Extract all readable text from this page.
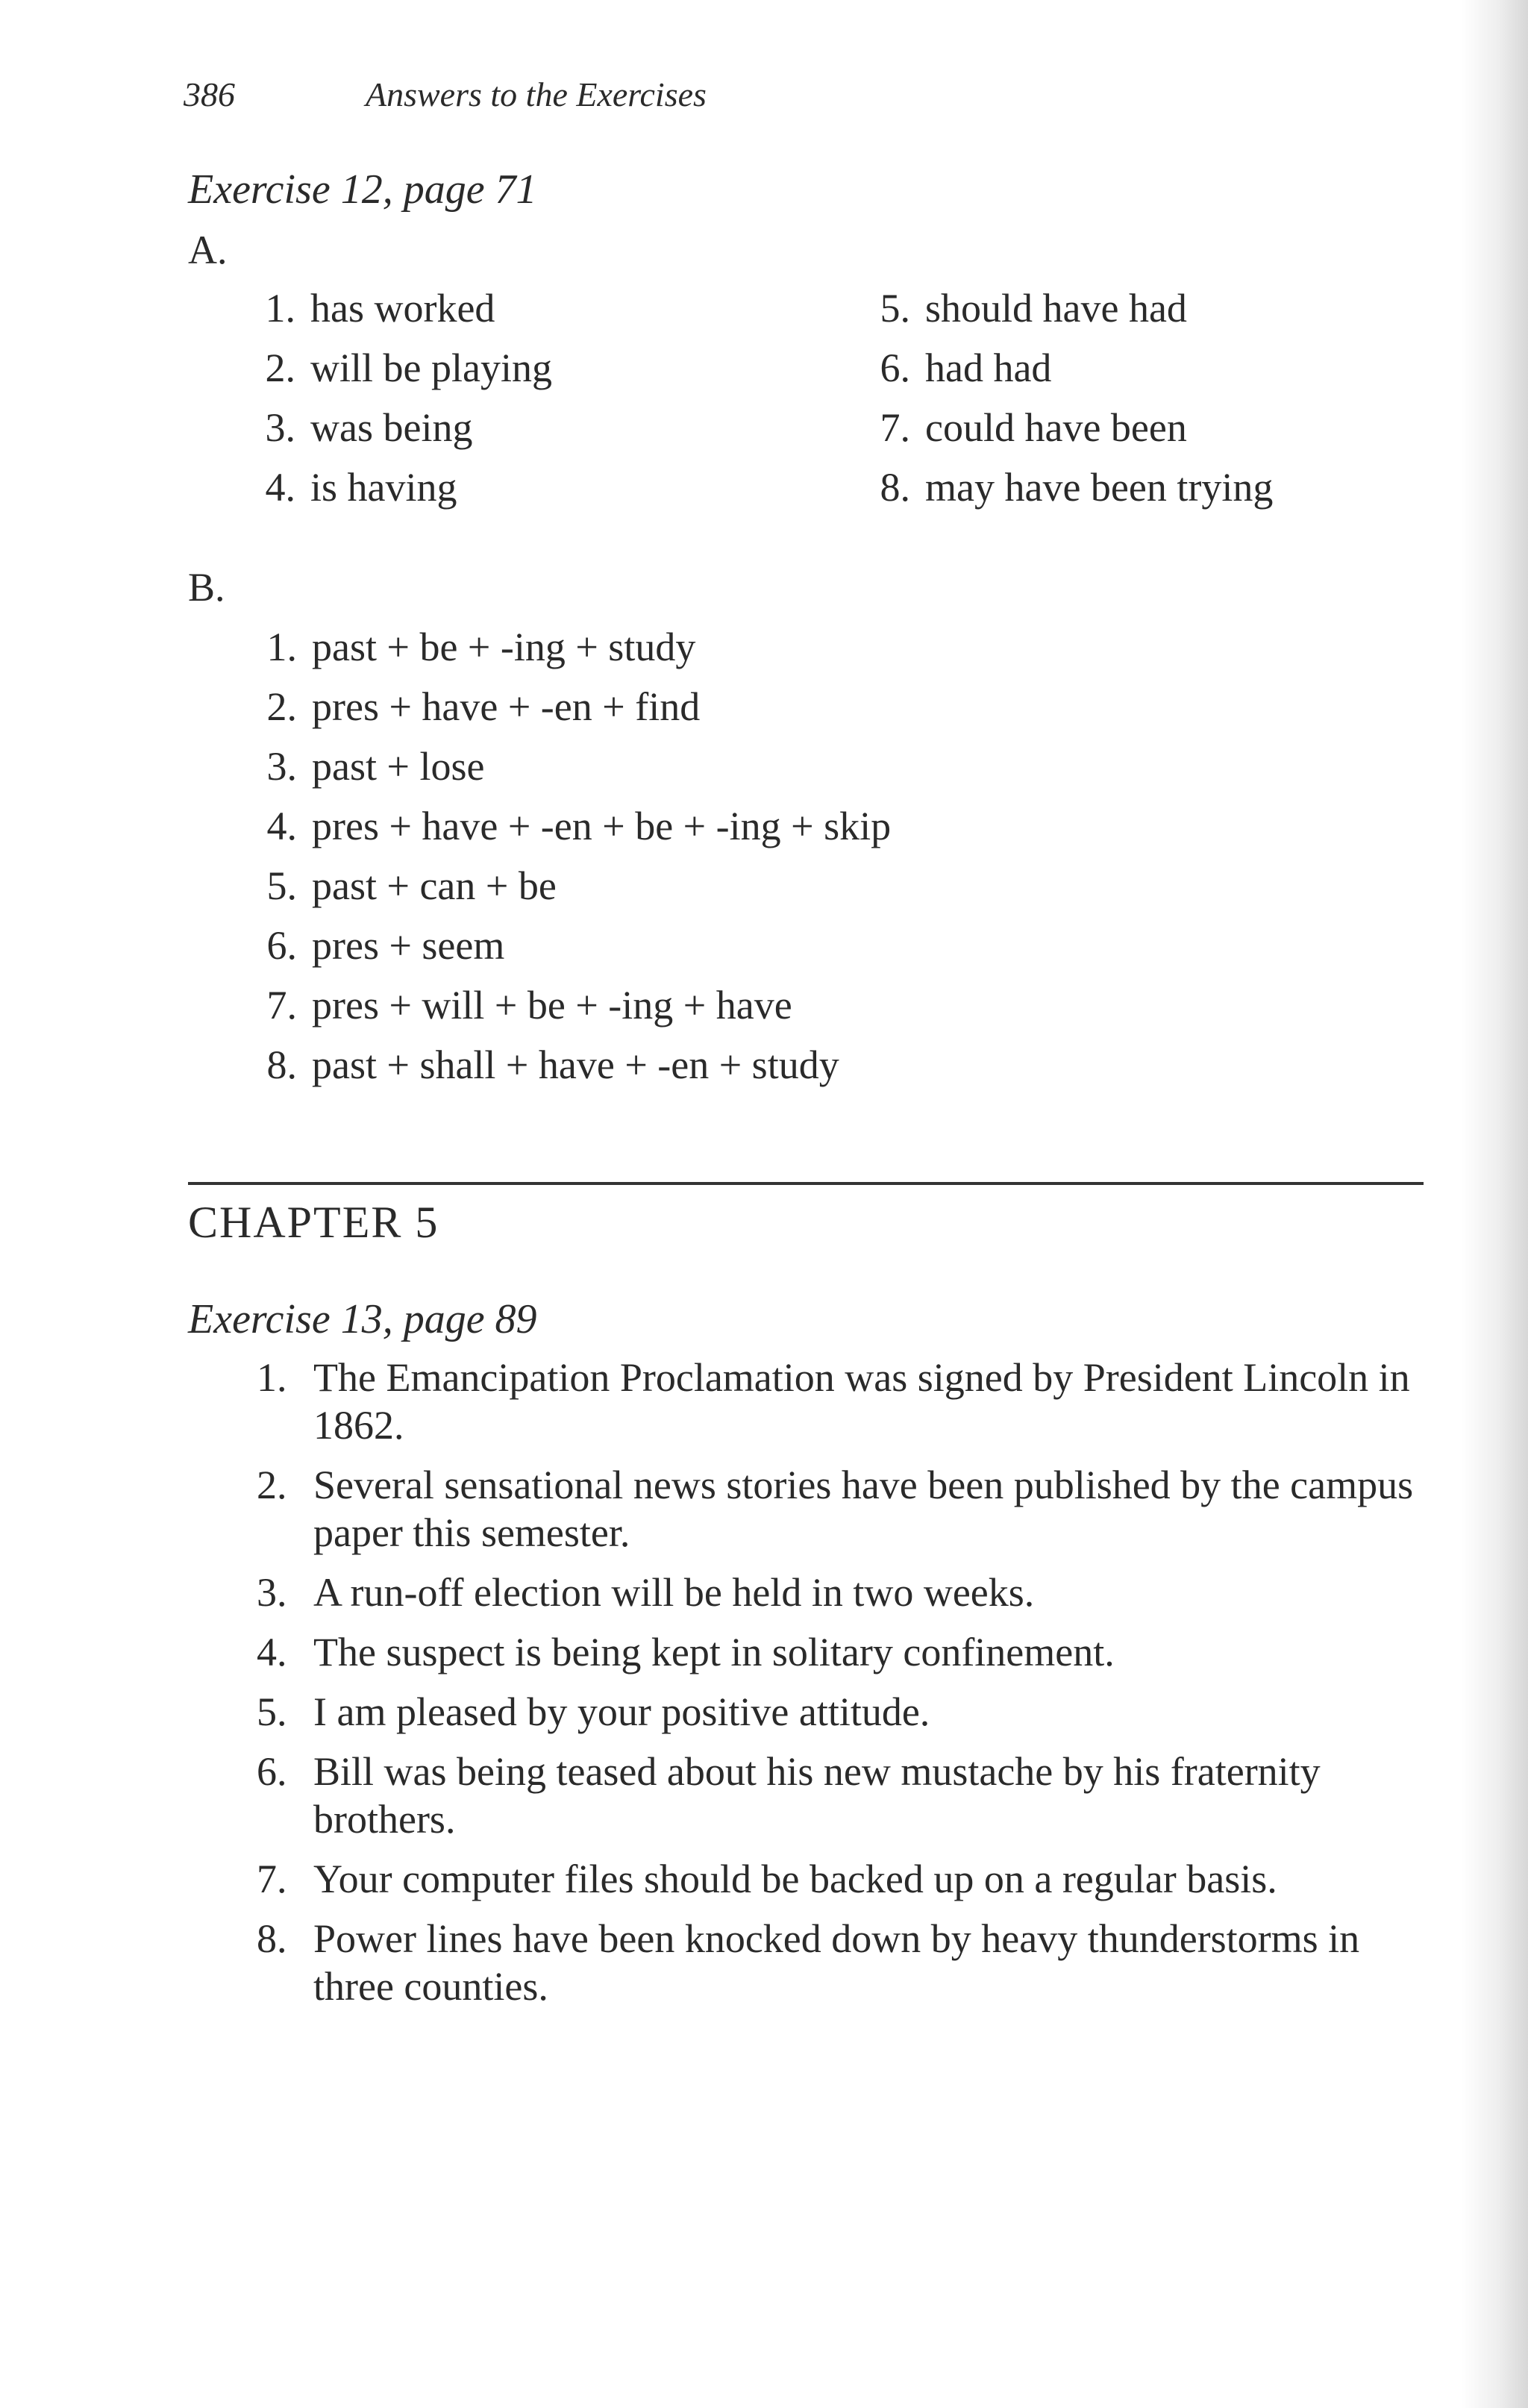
386	Answers to the Exercises
Exercise 12, page 71
A.
1. has worked
2. will be playing
3. was being
4. is having
5. should have had
6. had had
7. could have been
8. may have been trying
B.
1. past + be + -ing + study
2. pres + have + -en + find
3. past + lose
4. pres + have + -en + be + -ing + skip
5. past + can + be
6. pres + seem
7. pres + will + be + -ing + have
8. past + shall + have + -en + study
CHAPTER 5
Exercise 13, page 89
1. The Emancipation Proclamation was signed by President Lincoln in 1862.
2. Several sensational news stories have been published by the campus paper this semester.
3. A run-off election will be held in two weeks.
4. The suspect is being kept in solitary confinement.
5. I am pleased by your positive attitude.
6. Bill was being teased about his new mustache by his fraternity brothers.
7. Your computer files should be backed up on a regular basis.
8. Power lines have been knocked down by heavy thunderstorms in three counties.
